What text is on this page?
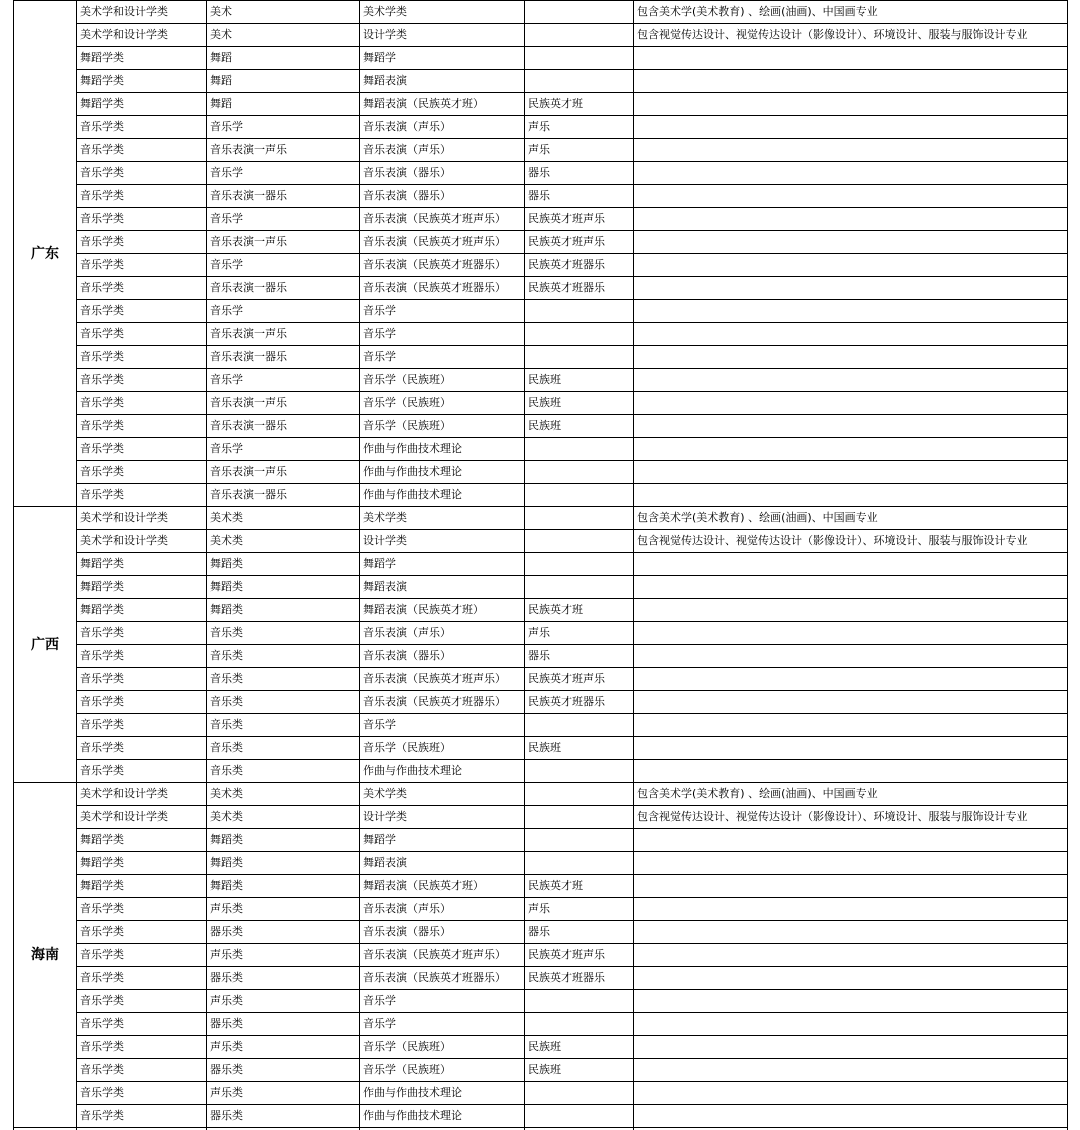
广东	美术学和设计学类	美术	美术学类		包含美术学(美术教育) 、绘画(油画)、中国画专业
	美术学和设计学类	美术	设计学类		包含视觉传达设计、视觉传达设计（影像设计）、环境设计、服装与服饰设计专业
	舞蹈学类	舞蹈	舞蹈学		
	舞蹈学类	舞蹈	舞蹈表演		
	舞蹈学类	舞蹈	舞蹈表演（民族英才班）	民族英才班	
	音乐学类	音乐学	音乐表演（声乐）	声乐	
	音乐学类	音乐表演一声乐	音乐表演（声乐）	声乐	
	音乐学类	音乐学	音乐表演（器乐）	器乐	
	音乐学类	音乐表演一器乐	音乐表演（器乐）	器乐	
	音乐学类	音乐学	音乐表演（民族英才班声乐）	民族英才班声乐	
	音乐学类	音乐表演一声乐	音乐表演（民族英才班声乐）	民族英才班声乐	
	音乐学类	音乐学	音乐表演（民族英才班器乐）	民族英才班器乐	
	音乐学类	音乐表演一器乐	音乐表演（民族英才班器乐）	民族英才班器乐	
	音乐学类	音乐学	音乐学		
	音乐学类	音乐表演一声乐	音乐学		
	音乐学类	音乐表演一器乐	音乐学		
	音乐学类	音乐学	音乐学（民族班）	民族班	
	音乐学类	音乐表演一声乐	音乐学（民族班）	民族班	
	音乐学类	音乐表演一器乐	音乐学（民族班）	民族班	
	音乐学类	音乐学	作曲与作曲技术理论		
	音乐学类	音乐表演一声乐	作曲与作曲技术理论		
	音乐学类	音乐表演一器乐	作曲与作曲技术理论		
广西	美术学和设计学类	美术类	美术学类		包含美术学(美术教育) 、绘画(油画)、中国画专业
	美术学和设计学类	美术类	设计学类		包含视觉传达设计、视觉传达设计（影像设计）、环境设计、服装与服饰设计专业
	舞蹈学类	舞蹈类	舞蹈学		
	舞蹈学类	舞蹈类	舞蹈表演		
	舞蹈学类	舞蹈类	舞蹈表演（民族英才班）	民族英才班	
	音乐学类	音乐类	音乐表演（声乐）	声乐	
	音乐学类	音乐类	音乐表演（器乐）	器乐	
	音乐学类	音乐类	音乐表演（民族英才班声乐）	民族英才班声乐	
	音乐学类	音乐类	音乐表演（民族英才班器乐）	民族英才班器乐	
	音乐学类	音乐类	音乐学		
	音乐学类	音乐类	音乐学（民族班）	民族班	
	音乐学类	音乐类	作曲与作曲技术理论		
海南	美术学和设计学类	美术类	美术学类		包含美术学(美术教育) 、绘画(油画)、中国画专业
	美术学和设计学类	美术类	设计学类		包含视觉传达设计、视觉传达设计（影像设计）、环境设计、服装与服饰设计专业
	舞蹈学类	舞蹈类	舞蹈学		
	舞蹈学类	舞蹈类	舞蹈表演		
	舞蹈学类	舞蹈类	舞蹈表演（民族英才班）	民族英才班	
	音乐学类	声乐类	音乐表演（声乐）	声乐	
	音乐学类	器乐类	音乐表演（器乐）	器乐	
	音乐学类	声乐类	音乐表演（民族英才班声乐）	民族英才班声乐	
	音乐学类	器乐类	音乐表演（民族英才班器乐）	民族英才班器乐	
	音乐学类	声乐类	音乐学		
	音乐学类	器乐类	音乐学		
	音乐学类	声乐类	音乐学（民族班）	民族班	
	音乐学类	器乐类	音乐学（民族班）	民族班	
	音乐学类	声乐类	作曲与作曲技术理论		
	音乐学类	器乐类	作曲与作曲技术理论		
